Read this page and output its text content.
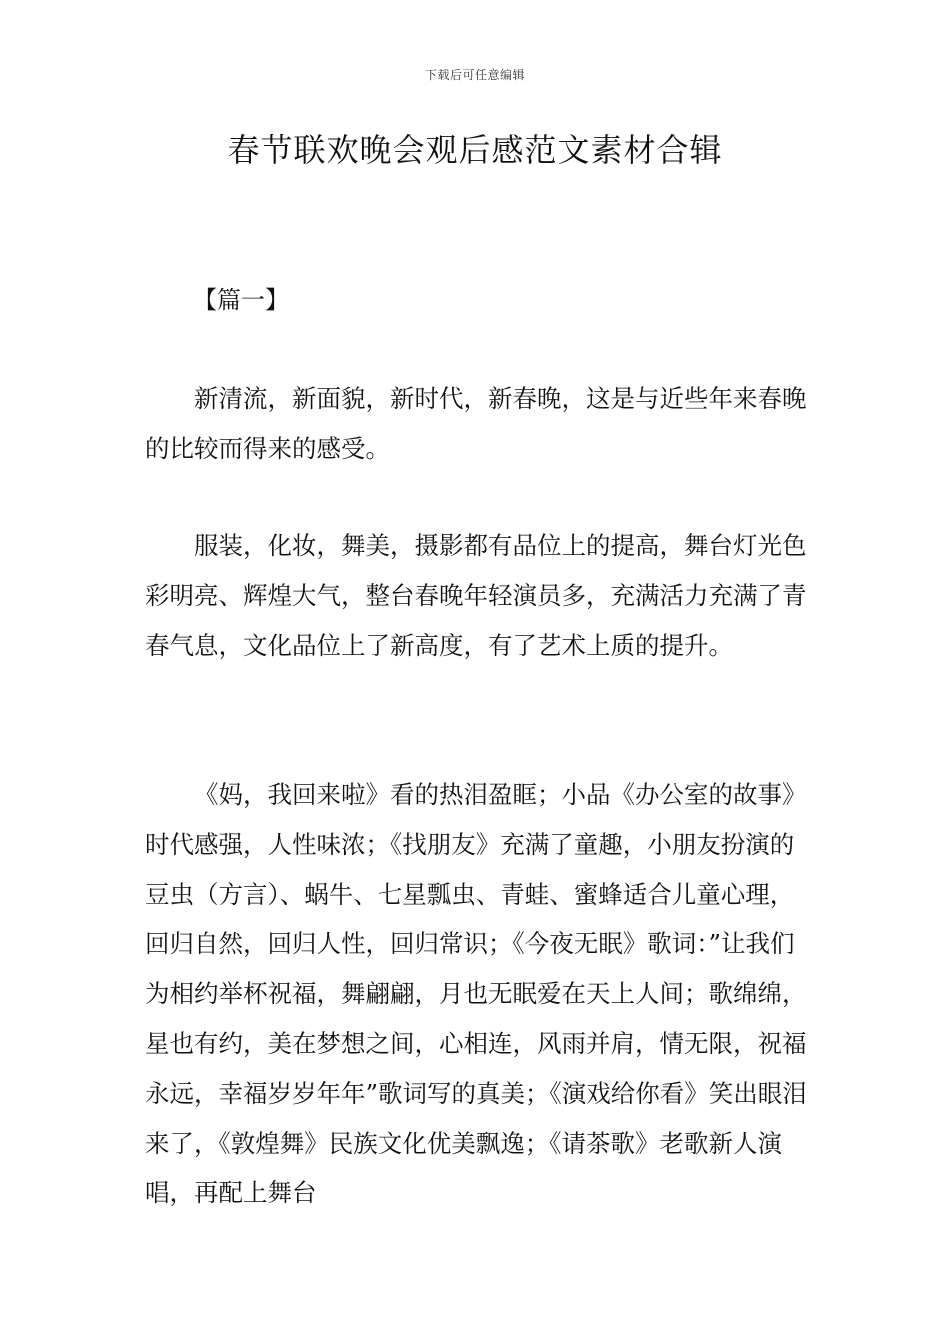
下载后可任意编辑
春节联欢晚会观后感范文素材合辑
【篇一】

新清流，新面貌，新时代，新春晚，这是与近些年来春晚的比较而得来的感受。

服装，化妆，舞美，摄影都有品位上的提高，舞台灯光色彩明亮、辉煌大气，整台春晚年轻演员多，充满活力充满了青春气息，文化品位上了新高度，有了艺术上质的提升。

《妈，我回来啦》看的热泪盈眶；小品《办公室的故事》时代感强，人性味浓；《找朋友》充满了童趣，小朋友扮演的豆虫（方言）、蜗牛、七星瓢虫、青蛙、蜜蜂适合儿童心理，回归自然，回归人性，回归常识；《今夜无眠》歌词：”让我们为相约举杯祝福，舞翩翩，月也无眠爱在天上人间；歌绵绵，星也有约，美在梦想之间，心相连，风雨并肩，情无限，祝福永远，幸福岁岁年年”歌词写的真美；《演戏给你看》笑出眼泪来了，《敦煌舞》民族文化优美飘逸；《请茶歌》老歌新人演唱，再配上舞台
